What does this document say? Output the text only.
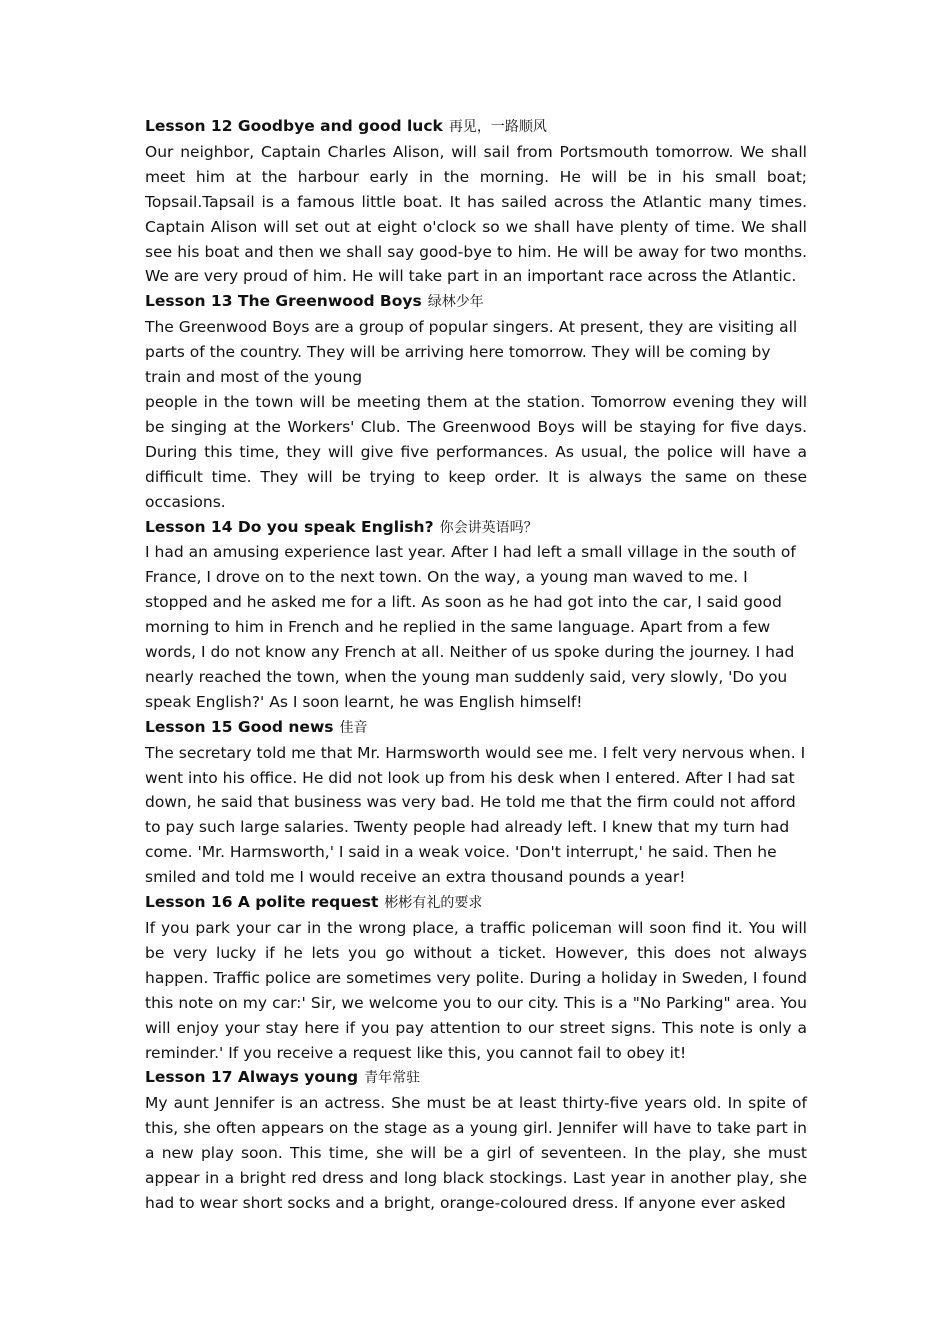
Lesson 12 Goodbye and good luck 再见，一路顺风

Our neighbor, Captain Charles Alison, will sail from Portsmouth tomorrow. We shall meet him at the harbour early in the morning. He will be in his small boat; Topsail.Tapsail is a famous little boat. It has sailed across the Atlantic many times. Captain Alison will set out at eight o'clock so we shall have plenty of time. We shall see his boat and then we shall say good-bye to him. He will be away for two months. We are very proud of him. He will take part in an important race across the Atlantic.

Lesson 13 The Greenwood Boys 绿林少年

The Greenwood Boys are a group of popular singers. At present, they are visiting all parts of the country. They will be arriving here tomorrow. They will be coming by train and most of the young

people in the town will be meeting them at the station. Tomorrow evening they will be singing at the Workers' Club. The Greenwood Boys will be staying for five days. During this time, they will give five performances. As usual, the police will have a difficult time. They will be trying to keep order. It is always the same on these occasions.

Lesson 14 Do you speak English? 你会讲英语吗？

I had an amusing experience last year. After I had left a small village in the south of France, I drove on to the next town. On the way, a young man waved to me. I stopped and he asked me for a lift. As soon as he had got into the car, I said good morning to him in French and he replied in the same language. Apart from a few words, I do not know any French at all. Neither of us spoke during the journey. I had nearly reached the town, when the young man suddenly said, very slowly, 'Do you speak English?' As I soon learnt, he was English himself!

Lesson 15 Good news 佳音

The secretary told me that Mr. Harmsworth would see me. I felt very nervous when. I went into his office. He did not look up from his desk when I entered. After I had sat down, he said that business was very bad. He told me that the firm could not afford to pay such large salaries. Twenty people had already left. I knew that my turn had come. 'Mr. Harmsworth,' I said in a weak voice. 'Don't interrupt,' he said. Then he smiled and told me I would receive an extra thousand pounds a year!

Lesson 16 A polite request 彬彬有礼的要求

If you park your car in the wrong place, a traffic policeman will soon find it. You will be very lucky if he lets you go without a ticket. However, this does not always happen. Traffic police are sometimes very polite. During a holiday in Sweden, I found this note on my car:' Sir, we welcome you to our city. This is a "No Parking" area. You will enjoy your stay here if you pay attention to our street signs. This note is only a reminder.' If you receive a request like this, you cannot fail to obey it!

Lesson 17 Always young 青年常驻

My aunt Jennifer is an actress. She must be at least thirty-five years old. In spite of this, she often appears on the stage as a young girl. Jennifer will have to take part in a new play soon. This time, she will be a girl of seventeen. In the play, she must appear in a bright red dress and long black stockings. Last year in another play, she had to wear short socks and a bright, orange-coloured dress. If anyone ever asked
